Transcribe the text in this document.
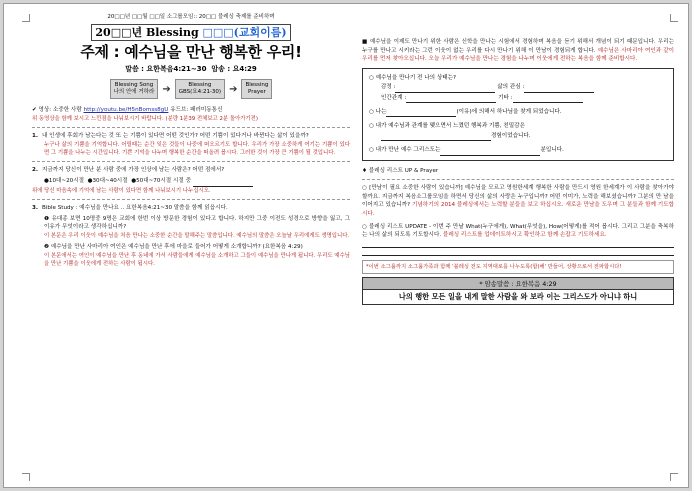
20□□년 □□월 □□일 소그룹모임:: 20□□ 블레싱 축제를 준비하며
20□□년 Blessing □□□(교회이름)
주제 : 예수님을 만난 행복한 우리!
말씀 : 요한복음4:21~30 암송 : 요4:29
Blessing Song
나의 안에 거하라 ➔	Blessing
GBS(요4:21-30) ➔ Blessing
Prayer
✔ 영상: 소중한 사람 http://youtu.be/H5nBomss8gU 유드브: 패러미동통신
위 동영상을 함께 보시고 느낀점을 나눠보시기 바랍니다. (분량 1분39 전체보고 2분 돌아가기전)
1. 내 인생에 후회가 남는다는 것 또 는 기쁨이 있다면 어떤 것인가? 어떤 기쁨이 있다거나 바뀐다는 삶이 있을까?
누구나 삶의 기쁨을 기억합니다. 어릴때는 순간 잊은 것들이 나중에 떠오르기도 합니다. 우리가 가장 소중하게 여기는 기쁨이 있다면 그 기쁨을 나누는 시간입니다. 기쁜 기억을 나누며 행복한 순간을 떠올려 봅시다. 그러한 것이 가장 큰 기쁨이 될 것입니다.
2. 지금까지 당신이 만난 분 사람 중에 가장 인상에 남는 사람은? 어떤 점에서?
●10대~20시절 ●30대~40시절 ●50대~70시절 시절 중
위에 당신 마음속에 기억에 남는 사람이 있다면 함께 나눠보시기 나누십시오.
3. Bible Study : 예수님을 만나요 .. 요한복음4:21~30 말씀을 함께 읽읍시다.
❶ 유대종 보면 10명중 9명은 교회에 한번 이상 방문한 경험이 있다고 합니다. 하지만 그중 이전도 성경으로 방향을 잃고, 그 이유가 무엇이라고 생각하십니까?
이 본문은 우리 이웃이 예수님을 처음 만나는 소중한 순간을 말해주는 말씀입니다. 예수님의 말씀은 오늘날 우리에게도 생명입니다.
❷ 예수님을 만난 사마리아 여인은 예수님을 만난 후에 마을로 들어가 어떻게 소개합니까? (요한복음 4:29)
이 본문에서는 여인이 예수님을 만난 후 동네에 가서 사람들에게 예수님을 소개하고 그들이 예수님을 만나게 됩니다. 우리도 예수님을 만난 기쁨을 이웃에게 전하는 사람이 됩시다.
■ 예수님을 이제도 만나기 위한 사람은 신학을 만나는 시험에서 경험하며 복음을 듣기 위해서 개념이 되기 때문입니다. 우리는 누구를 만나고 시키라는 그런 이웃이 없는 우리를 다시 만나기 위해 이 만남이 경험되게 합니다. 예수님은 사마리아 여인과 같이 우리를 먼저 찾아오십니다. 오늘 우리가 예수님을 만나는 경험을 나누며 이웃에게 전하는 복음을 함께 준비합시다.
○ 예수님을 만나기 전 나의 상태는?
감정 :	삶의 관심 :
인간관계 :	기타 :
○ 나는	(이유)에 의해서 하나님을 찾게 되었습니다.
○ 내가 예수님과 관계를 맺으면서 느꼈던 행복과 기쁨, 친밀감은
경험이었습니다.
○ 내가 만난 예수 그리스도는	분입니다.
♦ 블레싱 리스트 UP & Prayer
○ [만남이 필요 소중한 사람이 있습니까] 예수님을 모르고 영원한세계 행복한 사람을 만드시 영원 한세계가 이 사람을 찾아가야 할까요. 지금까지 복음소그룹모임을 하면서 당신의 삶의 사랑은 누구입니까? 어떤 이미가, 노력을 해보셨습니까? 그분의 만 남을 이어지고 있습니까? 기념하기의 2014 블레싱에서는 노력할 분들을 보고 하십시오. 새로운 만남을 도우며 그 분들과 함께 기도합시다.
○ 블레싱 리스트 UPDATE - 이번 주 만날 What(누구에게), What(무엇을), How(어떻게)를 적어 봅시다. 그리고 그분을 축복하는 나의 삶의 되도록 기도합시다. 블레싱 리스트를 업데이트하시고 확인하고 함께 손잡고 기도하세요.
*이번 소그룹까지 소그룹가족과 함께 '블레싱 전도 지역대로를 나누도록(합)해' 만들어, 상황으로서 전파합시다!
* 암송말씀 : 요한복음 4:29
나의 행한 모든 일을 내게 말한 사람을 와 보라 이는 그리스도가 아니냐 하니
